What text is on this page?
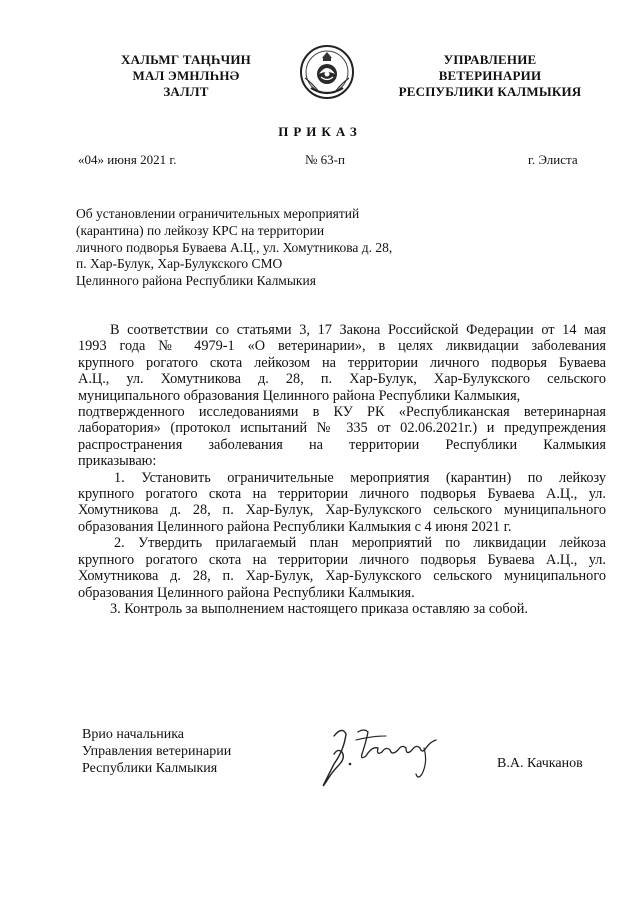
ХАЛЬМГ ТАҢҺЧИН
МАЛ ЭМНЛҺНӘ
ЗАЛЛТ
УПРАВЛЕНИЕ
ВЕТЕРИНАРИИ
РЕСПУБЛИКИ КАЛМЫКИЯ
ПРИКАЗ
«04» июня 2021 г.	№ 63-п	г. Элиста
Об установлении ограничительных мероприятий
(карантина) по лейкозу КРС на территории
личного подворья Буваева А.Ц., ул. Хомутникова д. 28,
п. Хар-Булук, Хар-Булукского СМО
Целинного района Республики Калмыкия
В соответствии со статьями 3, 17 Закона Российской Федерации от 14 мая
1993 года № 4979-1 «О ветеринарии», в целях ликвидации заболевания
крупного рогатого скота лейкозом на территории личного подворья Буваева
А.Ц., ул. Хомутникова д. 28, п. Хар-Булук, Хар-Булукского сельского
муниципального образования Целинного района Республики Калмыкия,
подтвержденного исследованиями в КУ РК «Республиканская ветеринарная
лаборатория» (протокол испытаний № 335 от 02.06.2021г.) и предупреждения
распространения заболевания на территории Республики Калмыкия
приказываю:
1. Установить ограничительные мероприятия (карантин) по лейкозу
крупного рогатого скота на территории личного подворья Буваева А.Ц., ул.
Хомутникова д. 28, п. Хар-Булук, Хар-Булукского сельского муниципального
образования Целинного района Республики Калмыкия с 4 июня 2021 г.
2. Утвердить прилагаемый план мероприятий по ликвидации лейкоза
крупного рогатого скота на территории личного подворья Буваева А.Ц., ул.
Хомутникова д. 28, п. Хар-Булук, Хар-Булукского сельского муниципального
образования Целинного района Республики Калмыкия.
3. Контроль за выполнением настоящего приказа оставляю за собой.
Врио начальника
Управления ветеринарии
Республики Калмыкия	В.А. Качканов
